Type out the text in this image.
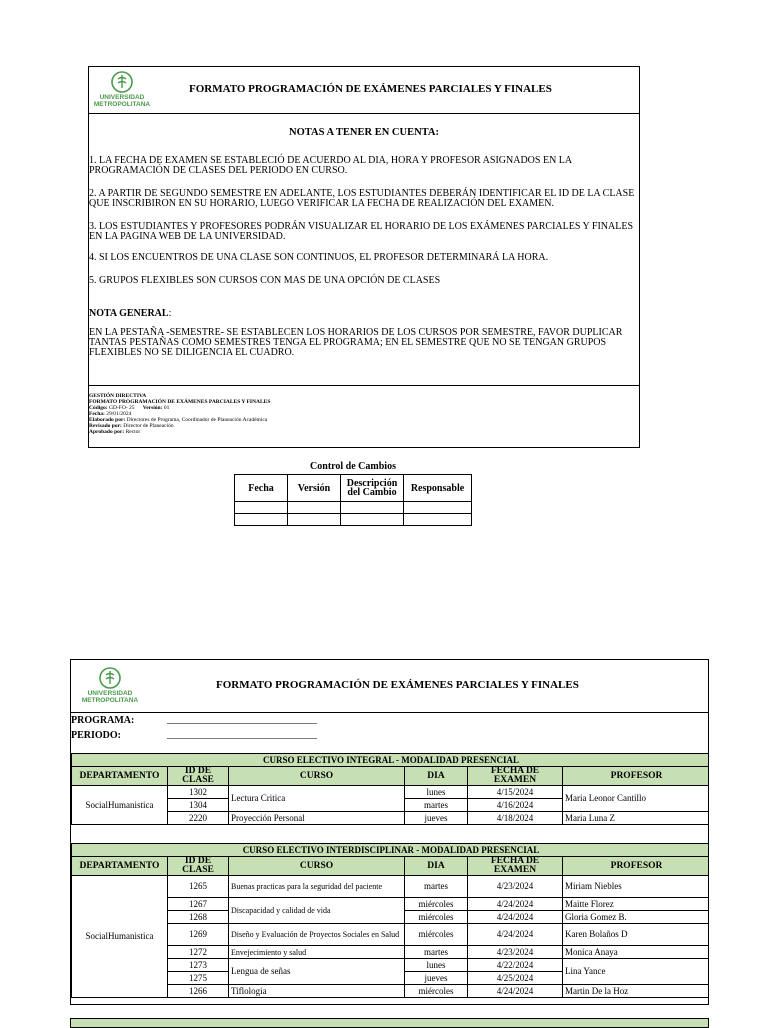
UNIVERSIDAD
METROPOLITANA
FORMATO PROGRAMACIÓN DE EXÁMENES PARCIALES Y FINALES
NOTAS A TENER EN CUENTA:

1. LA FECHA DE EXAMEN SE ESTABLECIÓ DE ACUERDO AL DIA, HORA Y PROFESOR ASIGNADOS EN LA PROGRAMACIÓN DE CLASES DEL PERIODO EN CURSO.

2. A PARTIR DE SEGUNDO SEMESTRE EN ADELANTE, LOS ESTUDIANTES DEBERÁN IDENTIFICAR EL ID DE LA CLASE QUE INSCRIBIRON EN SU HORARIO, LUEGO VERIFICAR LA FECHA DE REALIZACIÓN DEL EXAMEN.

3. LOS ESTUDIANTES Y PROFESORES PODRÁN VISUALIZAR EL HORARIO DE LOS EXÁMENES PARCIALES Y FINALES EN LA PAGINA WEB DE LA UNIVERSIDAD.

4. SI LOS ENCUENTROS DE UNA CLASE SON CONTINUOS, EL PROFESOR DETERMINARÁ LA HORA.

5. GRUPOS FLEXIBLES SON CURSOS CON MAS DE UNA OPCIÓN DE CLASES

NOTA GENERAL:

EN LA PESTAÑA -SEMESTRE- SE ESTABLECEN LOS HORARIOS DE LOS CURSOS POR SEMESTRE, FAVOR DUPLICAR TANTAS PESTAÑAS COMO SEMESTRES TENGA EL PROGRAMA; EN EL SEMESTRE QUE NO SE TENGAN GRUPOS FLEXIBLES NO SE DILIGENCIA EL CUADRO.

GESTIÓN DIRECTIVA
FORMATO PROGRAMACIÓN DE EXÁMENES PARCIALES Y FINALES
Código: GD-FO- 25 Versión: 01
Fecha: 29/01/2024
Elaborado por: Directores de Programa, Coordinador de Planeación Académica
Revisado por: Director de Planeación
Aprobado por: Rector
Control de Cambios
Fecha	Versión	Descripción del Cambio	Responsable

UNIVERSIDAD
METROPOLITANA
FORMATO PROGRAMACIÓN DE EXÁMENES PARCIALES Y FINALES
PROGRAMA:
PERIODO:
______________________________
______________________________
CURSO ELECTIVO INTEGRAL - MODALIDAD PRESENCIAL					
DEPARTAMENTO	ID DE CLASE	CURSO	DIA	FECHA DE EXAMEN	PROFESOR
SocialHumanistica	1302	Lectura Critica	lunes	4/15/2024	Maria Leonor Cantillo
	1304		martes	4/16/2024	
	2220	Proyección Personal	jueves	4/18/2024	Maria Luna Z

CURSO ELECTIVO INTERDISCIPLINAR - MODALIDAD PRESENCIAL					
DEPARTAMENTO	ID DE CLASE	CURSO	DIA	FECHA DE EXAMEN	PROFESOR
SocialHumanistica	1265	Buenas practicas para la seguridad del paciente	martes	4/23/2024	Miriam Niebles
	1267	Discapacidad y calidad de vida	miércoles	4/24/2024	Maitte Florez
	1268		miércoles	4/24/2024	Gloria Gomez B.
	1269	Diseño y Evaluación de Proyectos Sociales en Salud	miércoles	4/24/2024	Karen Bolaños D
	1272	Envejecimiento y salud	martes	4/23/2024	Monica Anaya
	1273	Lengua de señas	lunes	4/22/2024	Lina Yance
	1275		jueves	4/25/2024	
	1266	Tiflologia	miércoles	4/24/2024	Martin De la Hoz
